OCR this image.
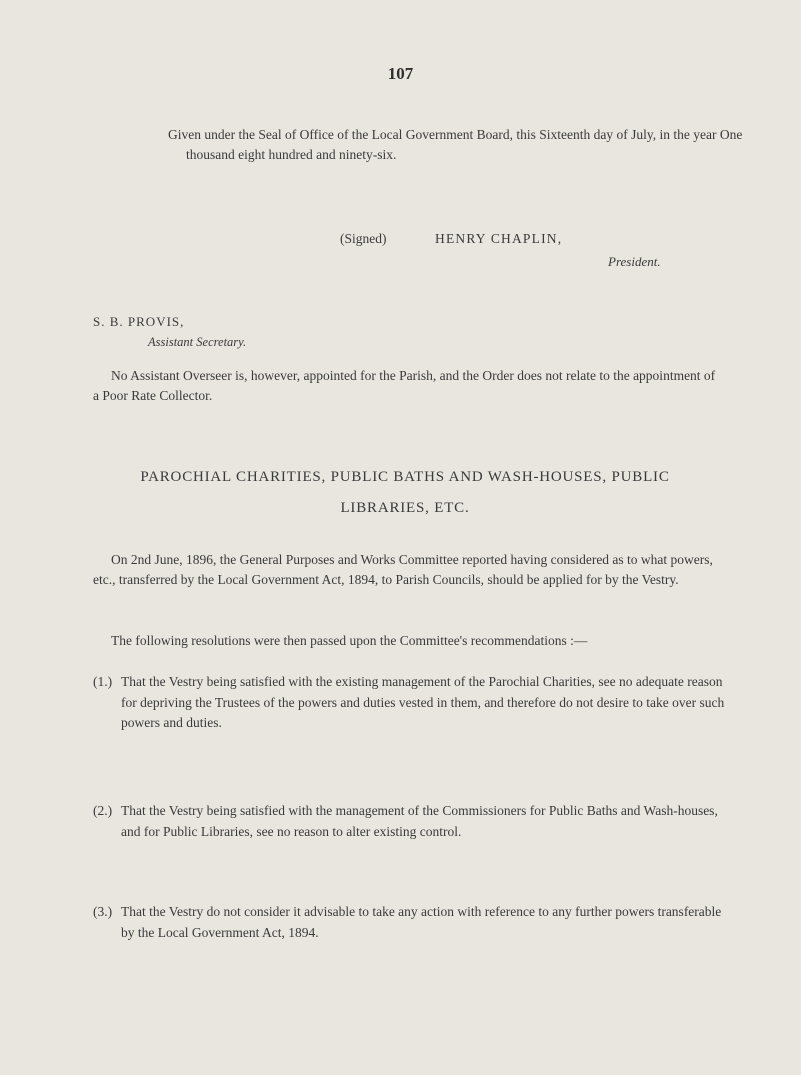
107

Given under the Seal of Office of the Local Government Board, this Sixteenth day of July, in the year One thousand eight hundred and ninety-six.

(Signed)	HENRY CHAPLIN,
President.
S. B. PROVIS,
Assistant Secretary.

No Assistant Overseer is, however, appointed for the Parish, and the Order does not relate to the appointment of a Poor Rate Collector.

PAROCHIAL CHARITIES, PUBLIC BATHS AND WASH-HOUSES, PUBLIC
LIBRARIES, ETC.

On 2nd June, 1896, the General Purposes and Works Committee reported having considered as to what powers, etc., transferred by the Local Government Act, 1894, to Parish Councils, should be applied for by the Vestry.

The following resolutions were then passed upon the Committee's recommendations :—

(1.) That the Vestry being satisfied with the existing management of the Parochial Charities, see no adequate reason for depriving the Trustees of the powers and duties vested in them, and therefore do not desire to take over such powers and duties.
(2.) That the Vestry being satisfied with the management of the Commissioners for Public Baths and Wash-houses, and for Public Libraries, see no reason to alter existing control.
(3.) That the Vestry do not consider it advisable to take any action with reference to any further powers transferable by the Local Government Act, 1894.
